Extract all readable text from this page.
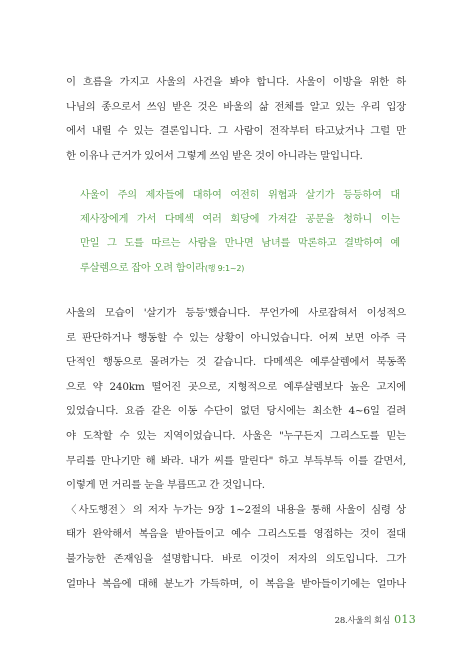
이 흐름을 가지고 사울의 사건을 봐야 합니다. 사울이 이방을 위한 하
나님의 종으로서 쓰임 받은 것은 바울의 삶 전체를 알고 있는 우리 입장
에서 내릴 수 있는 결론입니다. 그 사람이 전작부터 타고났거나 그럴 만
한 이유나 근거가 있어서 그렇게 쓰임 받은 것이 아니라는 말입니다.
사울이 주의 제자들에 대하여 여전히 위협과 살기가 등등하여 대
제사장에게 가서 다메섹 여러 회당에 가져갈 공문을 청하니 이는
만일 그 도를 따르는 사람을 만나면 남녀를 막론하고 결박하여 예
루살렘으로 잡아 오려 함이라(행 9:1~2)
사울의 모습이 '살기가 등등'했습니다. 무언가에 사로잡혀서 이성적으
로 판단하거나 행동할 수 있는 상황이 아니었습니다. 어찌 보면 아주 극
단적인 행동으로 몰려가는 것 같습니다. 다메섹은 예루살렘에서 북동쪽
으로 약 240km 떨어진 곳으로, 지형적으로 예루살렘보다 높은 고지에
있었습니다. 요즘 같은 이동 수단이 없던 당시에는 최소한 4~6일 걸려
야 도착할 수 있는 지역이었습니다. 사울은 "누구든지 그리스도를 믿는
무리를 만나기만 해 봐라. 내가 씨를 말린다" 하고 부득부득 이를 갈면서,
이렇게 먼 거리를 눈을 부릅뜨고 간 것입니다.
〈사도행전〉의 저자 누가는 9장 1~2절의 내용을 통해 사울이 심령 상
태가 완악해서 복음을 받아들이고 예수 그리스도를 영접하는 것이 절대
불가능한 존재임을 설명합니다. 바로 이것이 저자의 의도입니다. 그가
얼마나 복음에 대해 분노가 가득하며, 이 복음을 받아들이기에는 얼마나
28.사울의 회심 013
